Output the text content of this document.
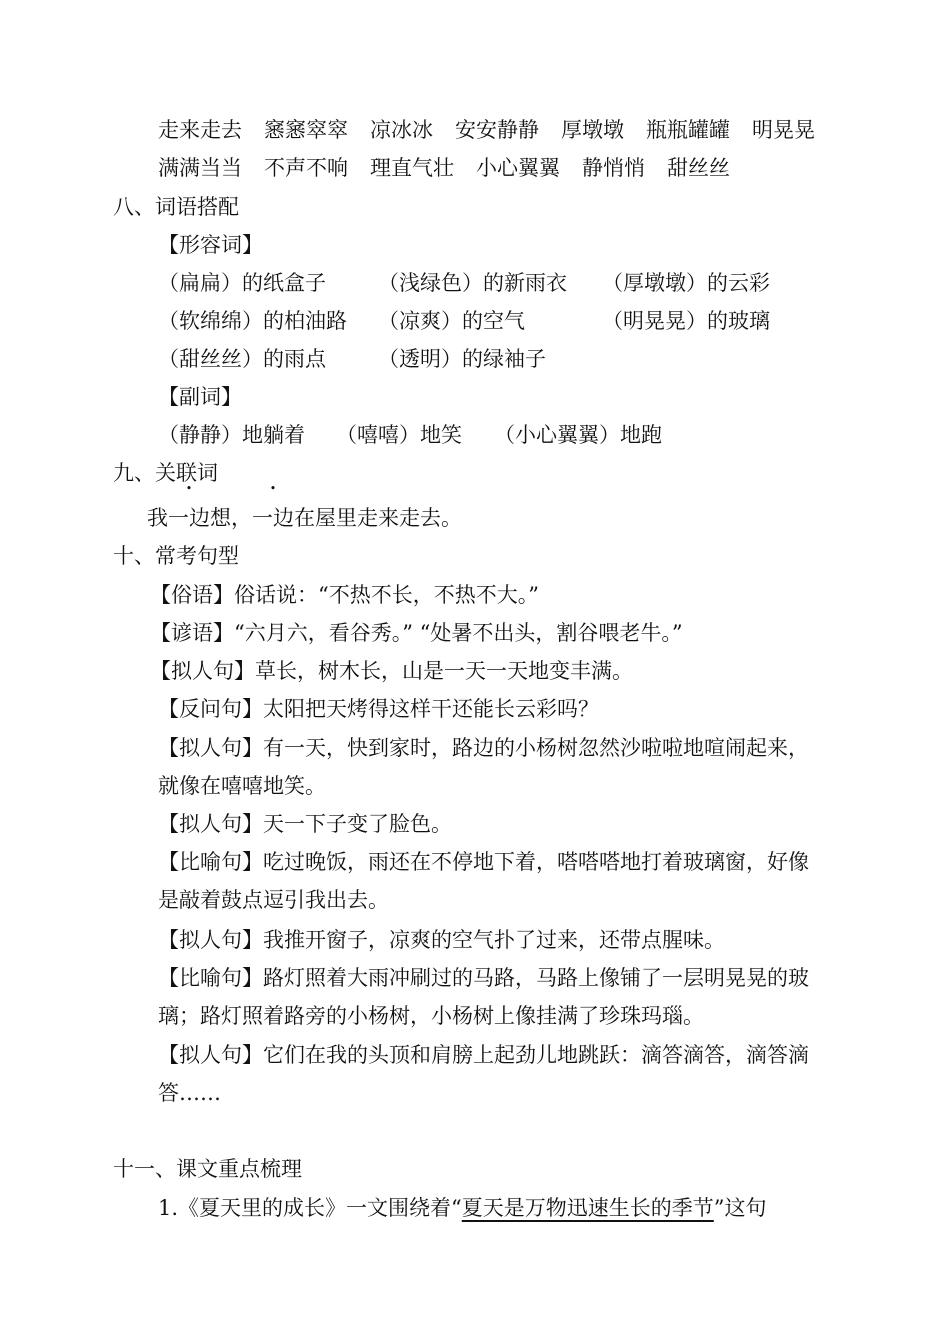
走来走去 窸窸窣窣 凉冰冰 安安静静 厚墩墩 瓶瓶罐罐 明晃晃
满满当当 不声不响 理直气壮 小心翼翼 静悄悄 甜丝丝
八、词语搭配
【形容词】
（扁扁）的纸盒子 （浅绿色）的新雨衣 （厚墩墩）的云彩
（软绵绵）的柏油路 （凉爽）的空气	（明晃晃）的玻璃
（甜丝丝）的雨点 （透明）的绿袖子
【副词】
（静静）地躺着 （嘻嘻）地笑 （小心翼翼）地跑
九、关联词
我一边想，一边在屋里走来走去。
十、常考句型
【俗语】俗话说：“不热不长，不热不大。”
【谚语】“六月六，看谷秀。” “处暑不出头，割谷喂老牛。”
【拟人句】草长，树木长，山是一天一天地变丰满。
【反问句】太阳把天烤得这样干还能长云彩吗？
【拟人句】有一天，快到家时，路边的小杨树忽然沙啦啦地喧闹起来，
就像在嘻嘻地笑。
【拟人句】天一下子变了脸色。
【比喻句】吃过晚饭，雨还在不停地下着，嗒嗒嗒地打着玻璃窗，好像
是敲着鼓点逗引我出去。
【拟人句】我推开窗子，凉爽的空气扑了过来，还带点腥味。
【比喻句】路灯照着大雨冲刷过的马路，马路上像铺了一层明晃晃的玻
璃；路灯照着路旁的小杨树，小杨树上像挂满了珍珠玛瑙。
【拟人句】它们在我的头顶和肩膀上起劲儿地跳跃：滴答滴答，滴答滴
答……
十一、课文重点梳理
1.《夏天里的成长》一文围绕着“夏天是万物迅速生长的季节”这句
